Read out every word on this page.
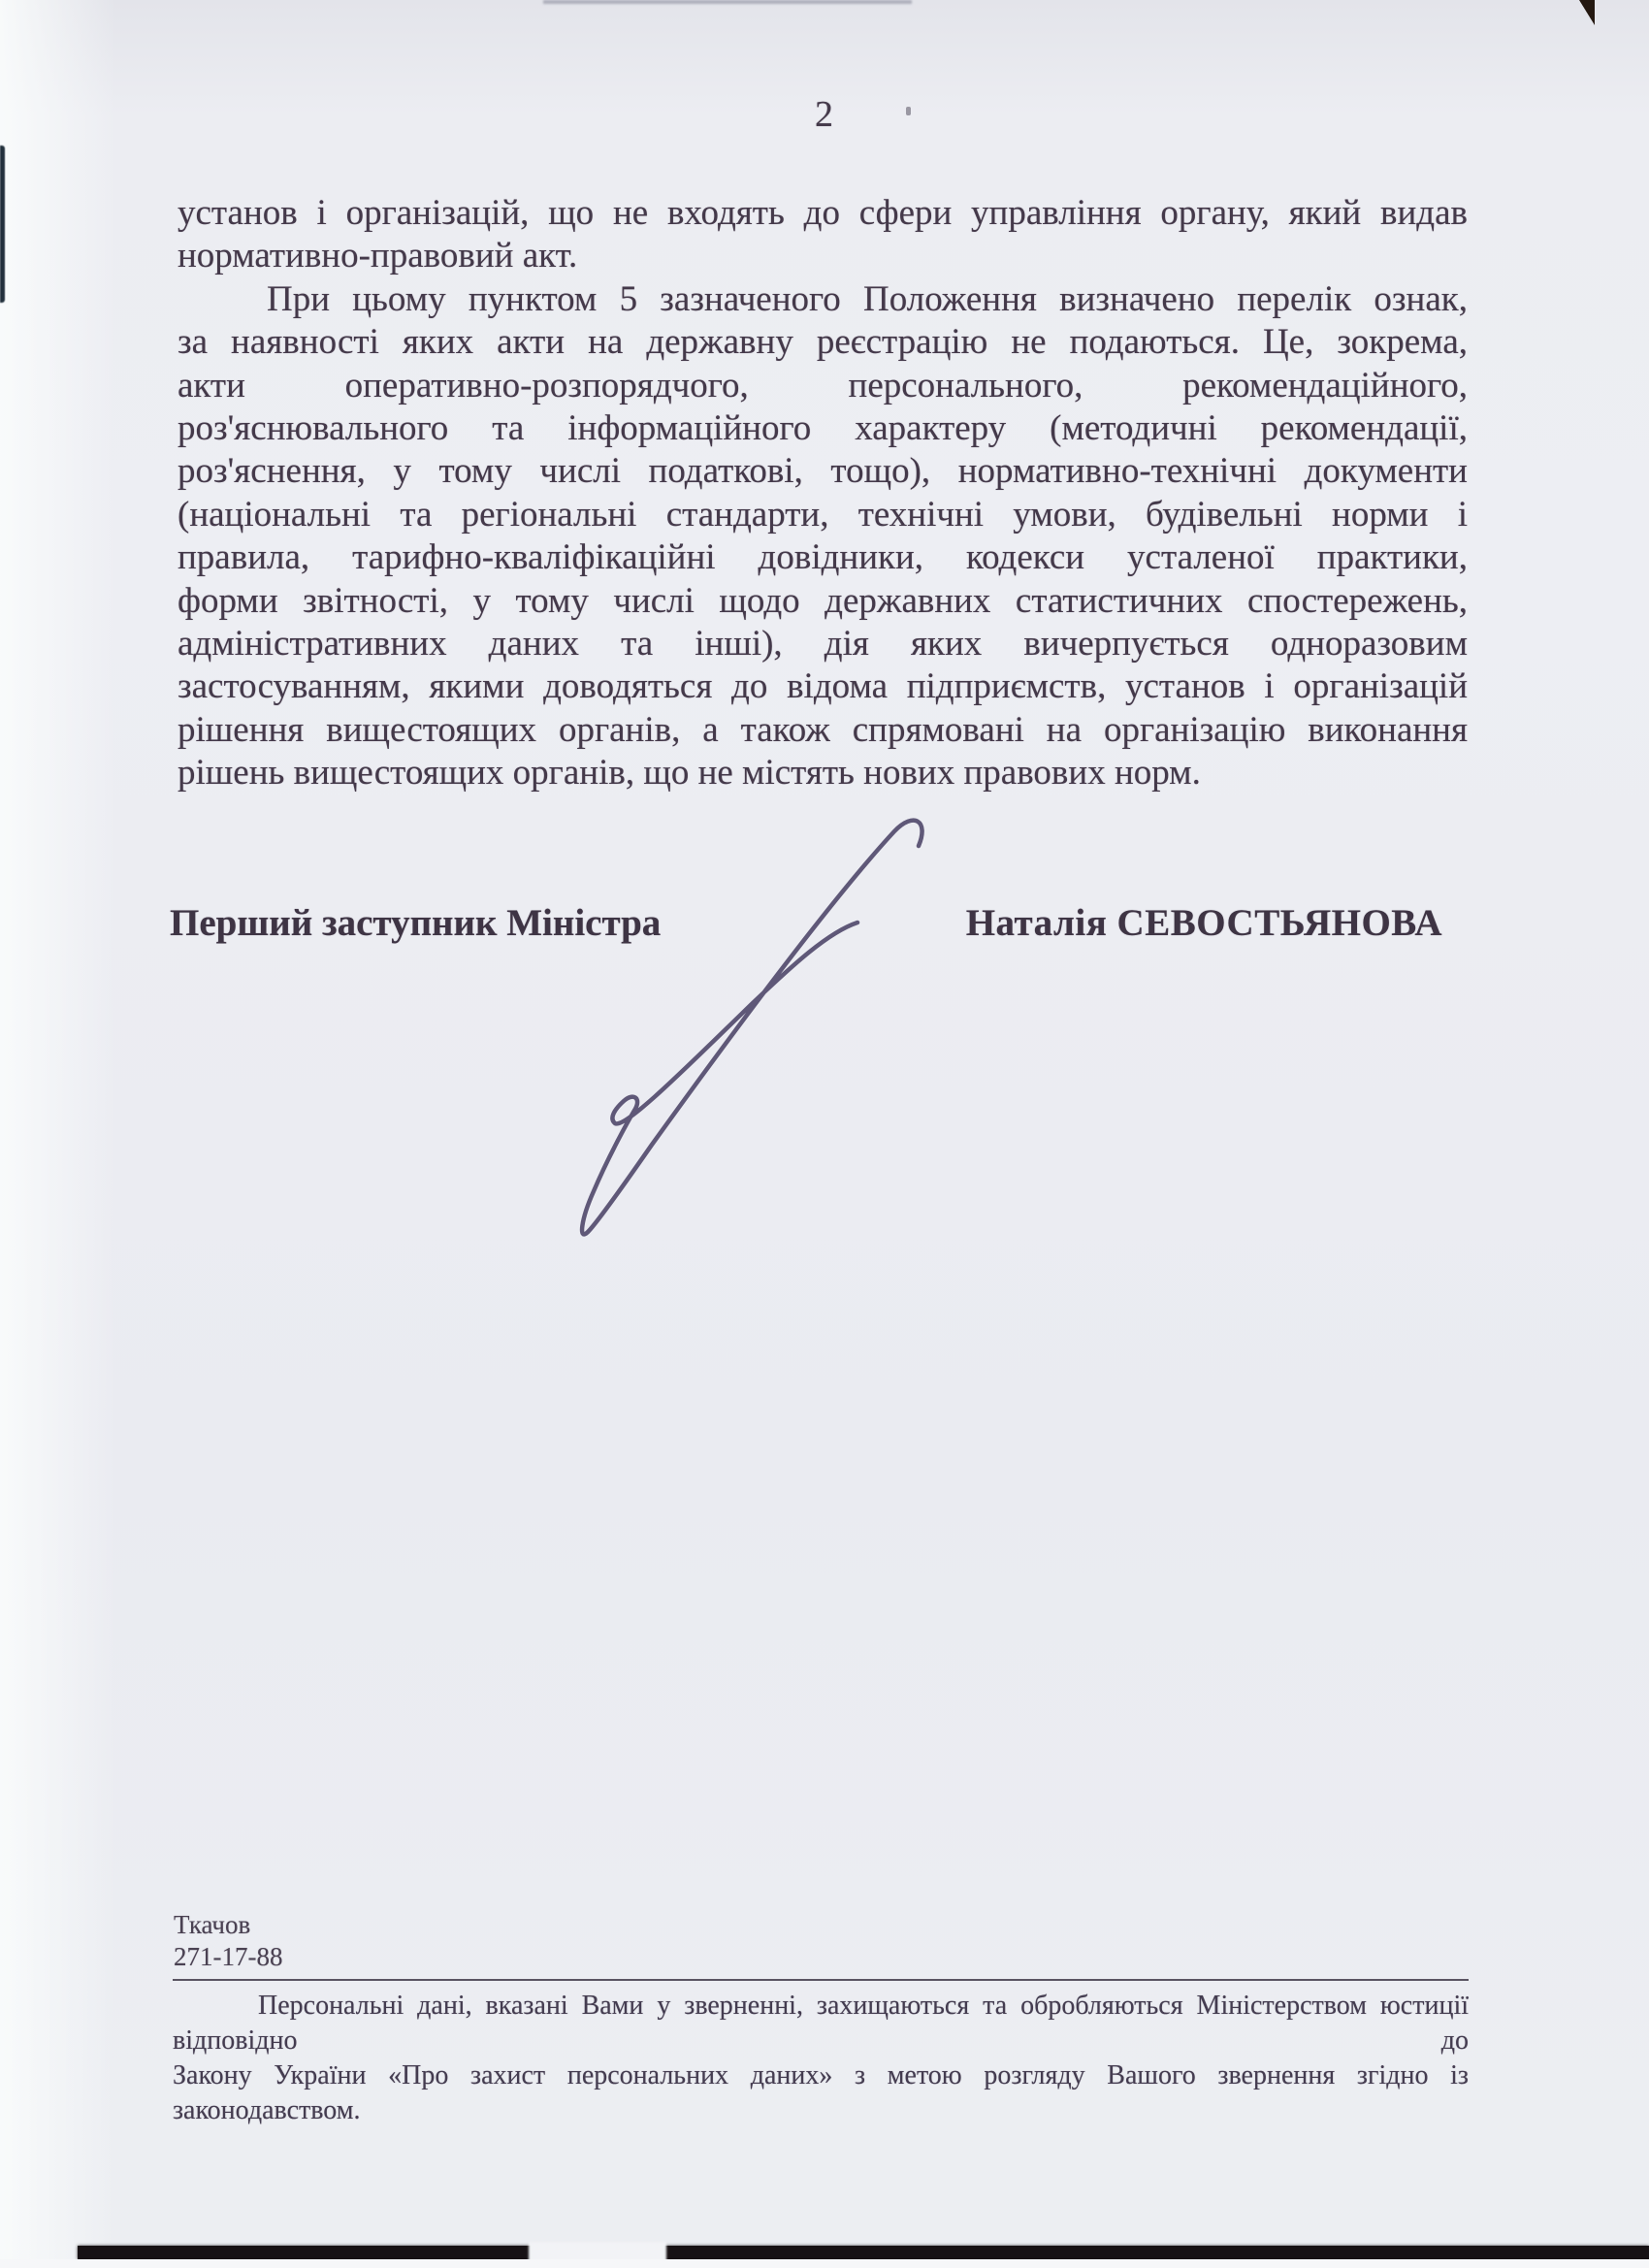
2
установ і організацій, що не входять до сфери управління органу, який видав
нормативно-правовий акт.
При цьому пунктом 5 зазначеного Положення визначено перелік ознак,
за наявності яких акти на державну реєстрацію не подаються. Це, зокрема,
акти оперативно-розпорядчого, персонального, рекомендаційного,
роз'яснювального та інформаційного характеру (методичні рекомендації,
роз'яснення, у тому числі податкові, тощо), нормативно-технічні документи
(національні та регіональні стандарти, технічні умови, будівельні норми і
правила, тарифно-кваліфікаційні довідники, кодекси усталеної практики,
форми звітності, у тому числі щодо державних статистичних спостережень,
адміністративних даних та інші), дія яких вичерпується одноразовим
застосуванням, якими доводяться до відома підприємств, установ і організацій
рішення вищестоящих органів, а також спрямовані на організацію виконання
рішень вищестоящих органів, що не містять нових правових норм.
Перший заступник Міністра	Наталія СЕВОСТЬЯНОВА
Ткачов
271-17-88
Персональні дані, вказані Вами у зверненні, захищаються та обробляються Міністерством юстиції відповідно до
Закону України «Про захист персональних даних» з метою розгляду Вашого звернення згідно із законодавством.
